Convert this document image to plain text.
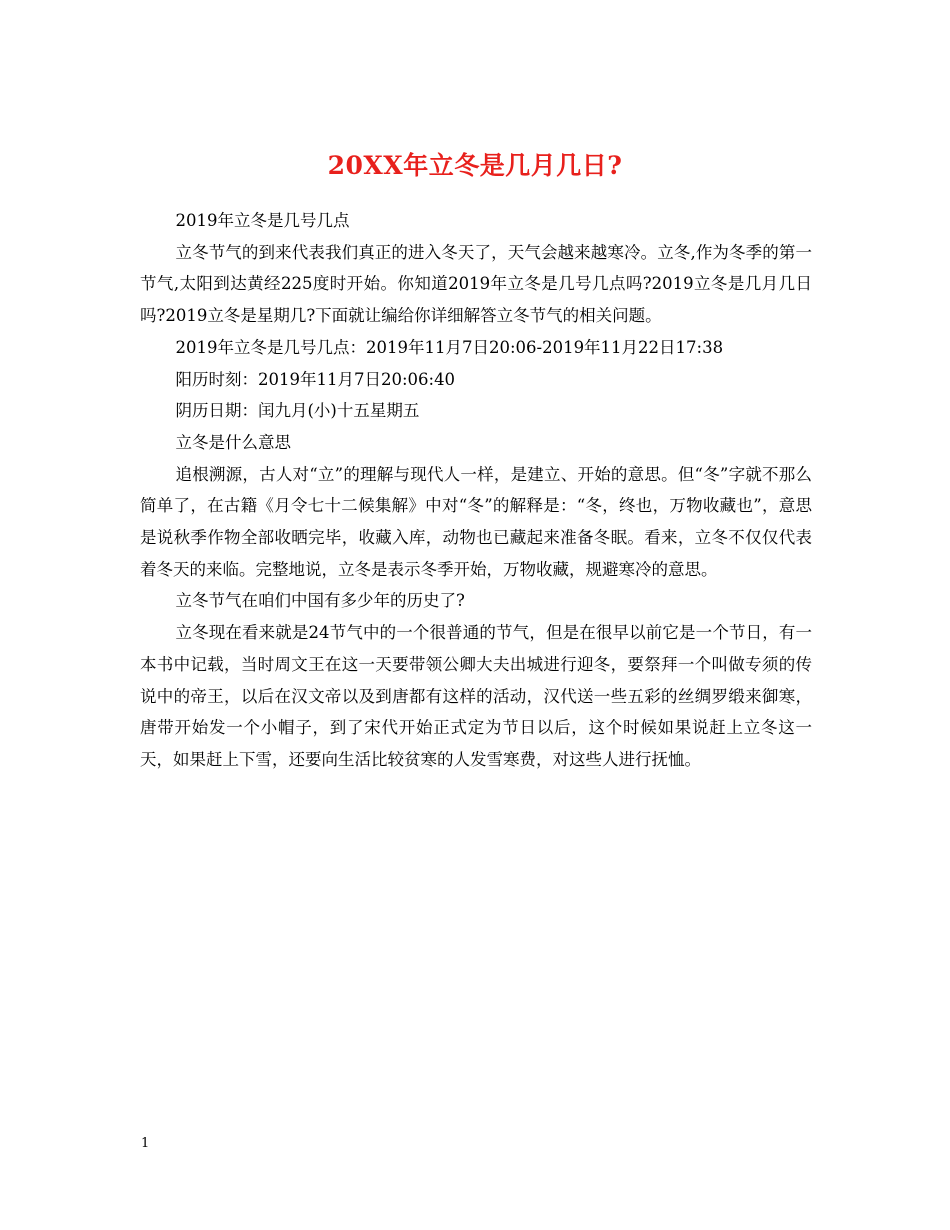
20XX年立冬是几月几日?

2019年立冬是几号几点

立冬节气的到来代表我们真正的进入冬天了，天气会越来越寒冷。立冬,作为冬季的第一节气,太阳到达黄经225度时开始。你知道2019年立冬是几号几点吗?2019立冬是几月几日吗?2019立冬是星期几?下面就让编给你详细解答立冬节气的相关问题。

2019年立冬是几号几点：2019年11月7日20:06-2019年11月22日17:38

阳历时刻：2019年11月7日20:06:40

阴历日期：闰九月(小)十五星期五

立冬是什么意思

追根溯源，古人对“立”的理解与现代人一样，是建立、开始的意思。但“冬”字就不那么简单了，在古籍《月令七十二候集解》中对“冬”的解释是：“冬，终也，万物收藏也”，意思是说秋季作物全部收晒完毕，收藏入库，动物也已藏起来准备冬眠。看来，立冬不仅仅代表着冬天的来临。完整地说，立冬是表示冬季开始，万物收藏，规避寒冷的意思。

立冬节气在咱们中国有多少年的历史了?

立冬现在看来就是24节气中的一个很普通的节气，但是在很早以前它是一个节日，有一本书中记载，当时周文王在这一天要带领公卿大夫出城进行迎冬，要祭拜一个叫做专须的传说中的帝王，以后在汉文帝以及到唐都有这样的活动，汉代送一些五彩的丝绸罗缎来御寒，唐带开始发一个小帽子，到了宋代开始正式定为节日以后，这个时候如果说赶上立冬这一天，如果赶上下雪，还要向生活比较贫寒的人发雪寒费，对这些人进行抚恤。

1
